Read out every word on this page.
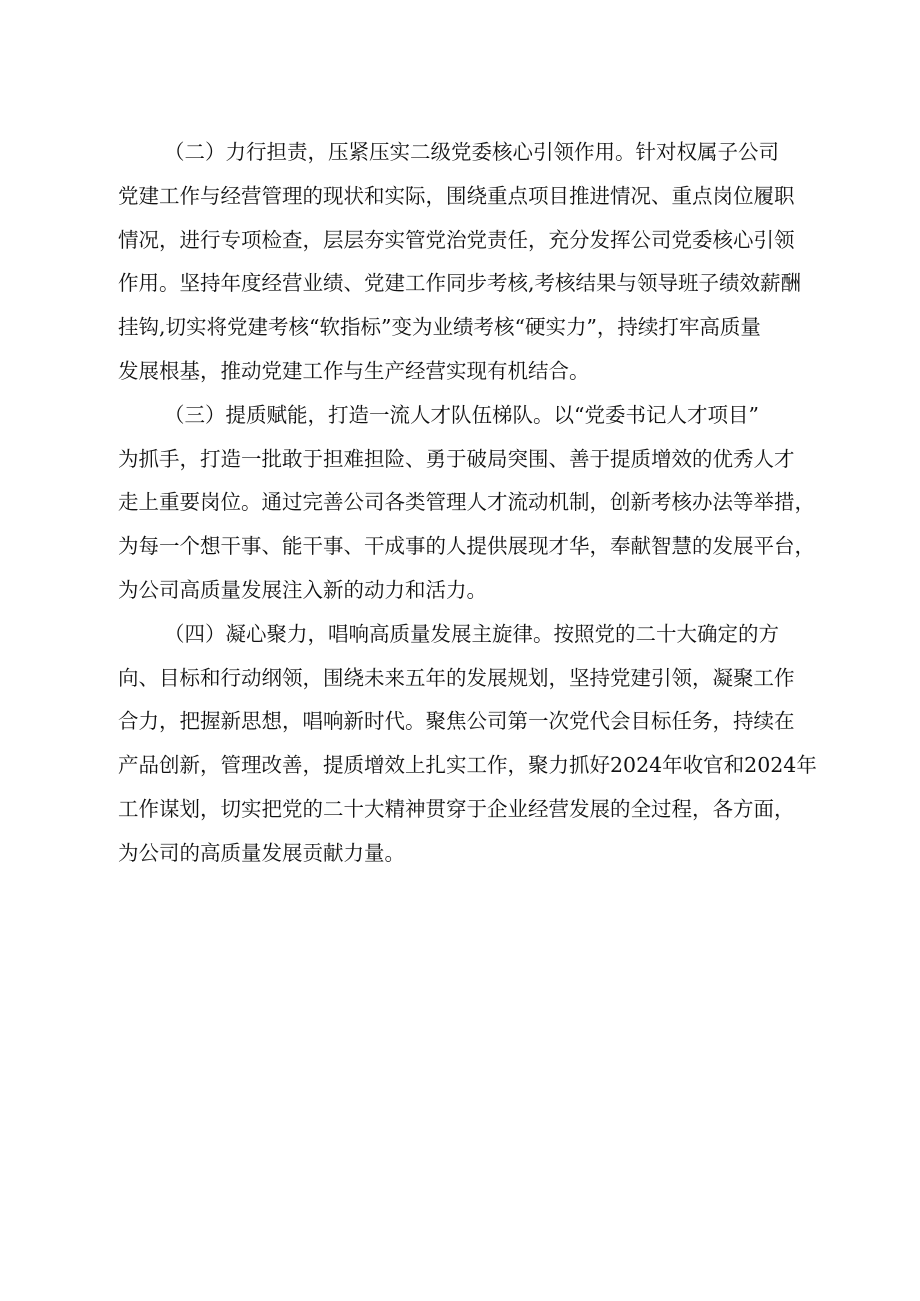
（二）力行担责，压紧压实二级党委核心引领作用。针对权属子公司
党建工作与经营管理的现状和实际，围绕重点项目推进情况、重点岗位履职
情况，进行专项检查，层层夯实管党治党责任，充分发挥公司党委核心引领
作用。坚持年度经营业绩、党建工作同步考核,考核结果与领导班子绩效薪酬
挂钩,切实将党建考核“软指标”变为业绩考核“硬实力”，持续打牢高质量
发展根基，推动党建工作与生产经营实现有机结合。
（三）提质赋能，打造一流人才队伍梯队。以“党委书记人才项目”
为抓手，打造一批敢于担难担险、勇于破局突围、善于提质增效的优秀人才
走上重要岗位。通过完善公司各类管理人才流动机制，创新考核办法等举措，
为每一个想干事、能干事、干成事的人提供展现才华，奉献智慧的发展平台，
为公司高质量发展注入新的动力和活力。
（四）凝心聚力，唱响高质量发展主旋律。按照党的二十大确定的方
向、目标和行动纲领，围绕未来五年的发展规划，坚持党建引领，凝聚工作
合力，把握新思想，唱响新时代。聚焦公司第一次党代会目标任务，持续在
产品创新，管理改善，提质增效上扎实工作，聚力抓好2024年收官和2024年
工作谋划，切实把党的二十大精神贯穿于企业经营发展的全过程，各方面，
为公司的高质量发展贡献力量。
